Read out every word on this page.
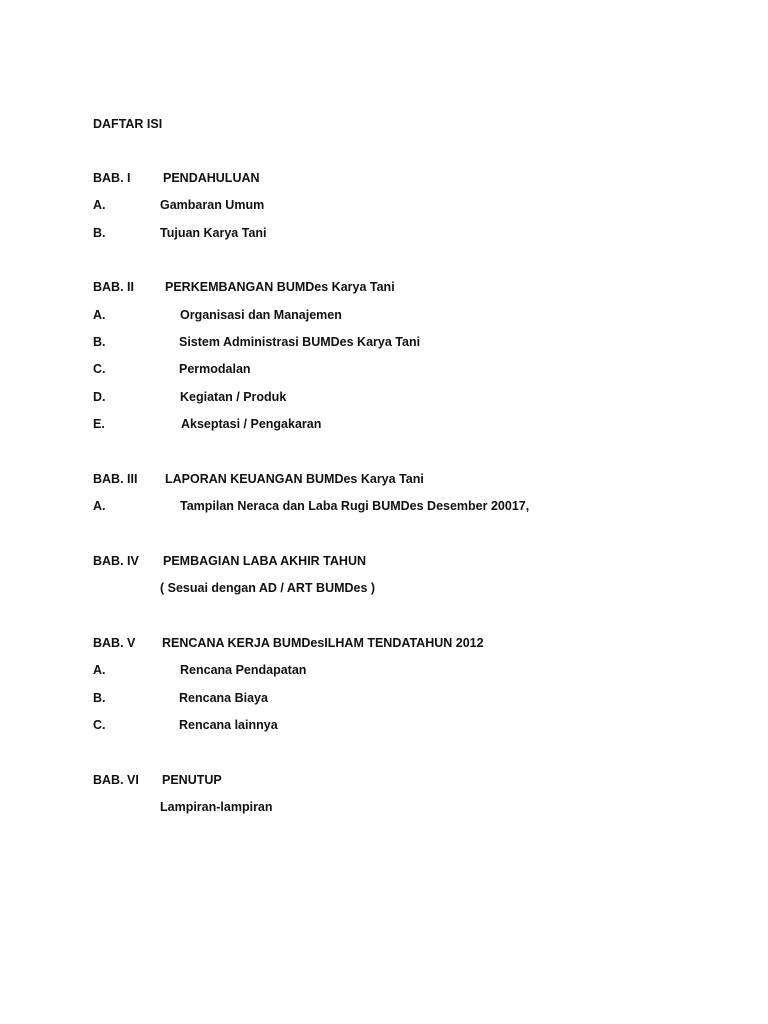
DAFTAR ISI
BAB. I	PENDAHULUAN
A.	Gambaran Umum
B.	Tujuan Karya Tani
BAB. II PERKEMBANGAN BUMDes Karya Tani
A.	Organisasi dan Manajemen
B.	Sistem Administrasi BUMDes Karya Tani
C.	Permodalan
D.	Kegiatan / Produk
E.	Akseptasi / Pengakaran
BAB. III LAPORAN KEUANGAN BUMDes Karya Tani
A.	Tampilan Neraca dan Laba Rugi BUMDes Desember 20017,
BAB. IV PEMBAGIAN LABA AKHIR TAHUN
( Sesuai dengan AD / ART BUMDes )
BAB. V RENCANA KERJA BUMDesILHAM TENDATAHUN 2012
A.	Rencana Pendapatan
B.	Rencana Biaya
C.	Rencana lainnya
BAB. VI PENUTUP
Lampiran-lampiran
